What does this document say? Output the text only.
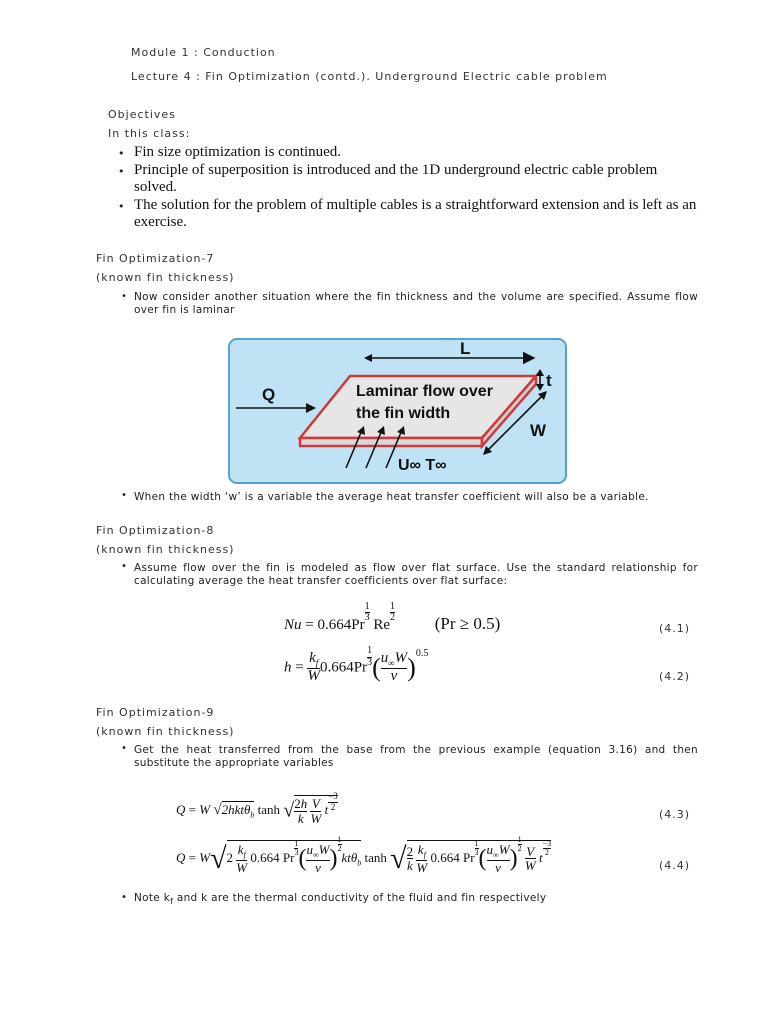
Module 1 : Conduction
Lecture 4 : Fin Optimization (contd.). Underground Electric cable problem
Objectives
In this class:
• Fin size optimization is continued.
• Principle of superposition is introduced and the 1D underground electric cable problem solved.
• The solution for the problem of multiple cables is a straightforward extension and is left as an exercise.
Fin Optimization-7
(known fin thickness)
• Now consider another situation where the fin thickness and the volume are specified. Assume flow over fin is laminar
L
t
Q
W
Laminar flow over
the fin width
U∞ T∞
• When the width ‘w’ is a variable the average heat transfer coefficient will also be a variable.
Fin Optimization-8
(known fin thickness)
• Assume flow over the fin is modeled as flow over flat surface. Use the standard relationship for calculating average the heat transfer coefficients over flat surface:
Nu = 0.664Pr
$^{\frac{1}{3}}$
Re
$^{\frac{1}{2}}$ (Pr ≥ 0.5)	(4.1)
$h = \frac{k_f}{W} 0.664Pr$ $^{\frac{1}{3}}$ ( $\frac{u_\infty W}{\nu} )^{0.5}$
(4.2)
Fin Optimization-9
(known fin thickness)
• Get the heat transferred from the base from the previous example (equation 3.16) and then substitute the appropriate variables
Q = W √2hktθ$_b$ tanh √ $\frac{2h}{k}$
$\frac{V}{W}$ t $^{\frac{-3}{2}}$
(4.3)
$Q = W√2 \frac{k_f}{W} 0.664$ Pr $\frac{1}{3}$ ( $\frac{u_\infty W}{\nu}$ )
$\frac{1}{2}$
ktθ$_b$ tanh √ $\frac{2}{k}$
$\frac{k_f}{W} 0.664$ Pr $\frac{1}{3}$ ( $\frac{u_\infty W}{\nu}$ )
$\frac{1}{2}$
$\frac{V}{W}$ t $\frac{-3}{2}$
(4.4)
• Note $k_f$ and k are the thermal conductivity of the fluid and fin respectively
